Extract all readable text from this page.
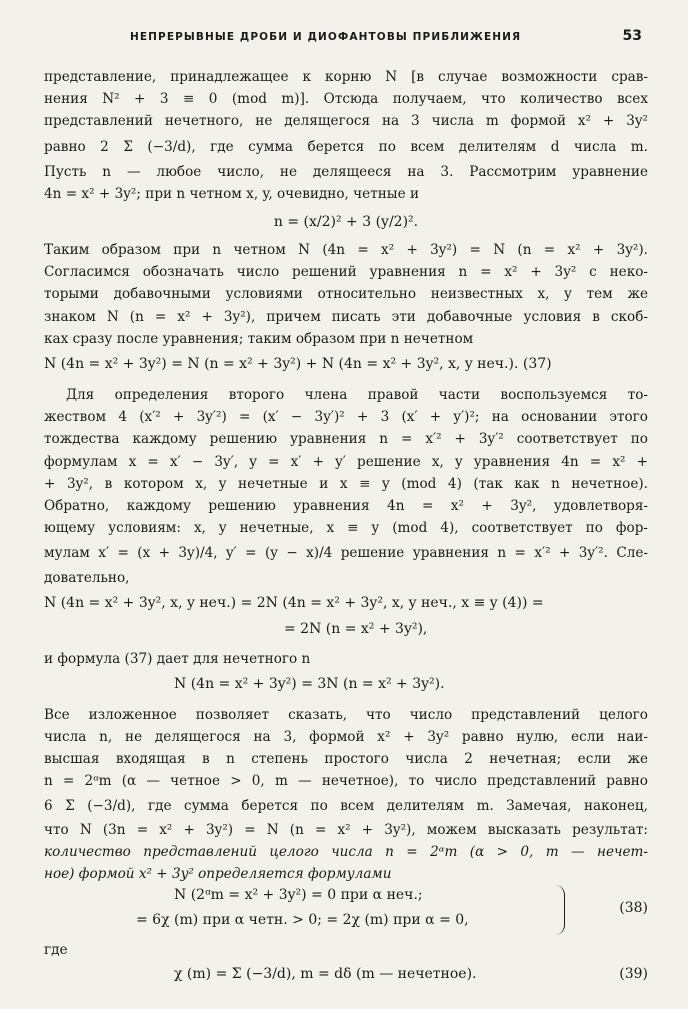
НЕПРЕРЫВНЫЕ ДРОБИ И ДИОФАНТОВЫ ПРИБЛИЖЕНИЯ	53

представление, принадлежащее к корню N [в случае возможности срав-

нения N² + 3 ≡ 0 (mod m)]. Отсюда получаем, что количество всех

представлений нечетного, не делящегося на 3 числа m формой x² + 3y²

равно 2 Σ (−3/d), где сумма берется по всем делителям d числа m.

Пусть n — любое число, не делящееся на 3. Рассмотрим уравнение

4n = x² + 3y²; при n четном x, y, очевидно, четные и

n = (x/2)² + 3 (y/2)².

Таким образом при n четном N (4n = x² + 3y²) = N (n = x² + 3y²).

Согласимся обозначать число решений уравнения n = x² + 3y² с неко-

торыми добавочными условиями относительно неизвестных x, y тем же

знаком N (n = x² + 3y²), причем писать эти добавочные условия в скоб-

ках сразу после уравнения; таким образом при n нечетном

N (4n = x² + 3y²) = N (n = x² + 3y²) + N (4n = x² + 3y², x, y неч.). (37)

Для определения второго члена правой части воспользуемся то-

жеством 4 (x′² + 3y′²) = (x′ − 3y′)² + 3 (x′ + y′)²; на основании этого

тождества каждому решению уравнения n = x′² + 3y′² соответствует по

формулам x = x′ − 3y′, y = x′ + y′ решение x, y уравнения 4n = x² +

+ 3y², в котором x, y нечетные и x ≡ y (mod 4) (так как n нечетное).

Обратно, каждому решению уравнения 4n = x² + 3y², удовлетворя-

ющему условиям: x, y нечетные, x ≡ y (mod 4), соответствует по фор-

мулам x′ = (x + 3y)/4, y′ = (y − x)/4 решение уравнения n = x′² + 3y′². Сле-

довательно,

N (4n = x² + 3y², x, y неч.) = 2N (4n = x² + 3y², x, y неч., x ≡ y (4)) =
= 2N (n = x² + 3y²),

и формула (37) дает для нечетного n

N (4n = x² + 3y²) = 3N (n = x² + 3y²).

Все изложенное позволяет сказать, что число представлений целого

числа n, не делящегося на 3, формой x² + 3y² равно нулю, если наи-

высшая входящая в n степень простого числа 2 нечетная; если же

n = 2ᵅm (α — четное > 0, m — нечетное), то число представлений равно

6 Σ (−3/d), где сумма берется по всем делителям m. Замечая, наконец,

что N (3n = x² + 3y²) = N (n = x² + 3y²), можем высказать результат:

количество представлений целого числа n = 2ᵅm (α > 0, m — нечет-

ное) формой x² + 3y² определяется формулами

N (2ᵅm = x² + 3y²) = 0 при α неч.;
= 6χ (m) при α четн. > 0; = 2χ (m) при α = 0,
(38)
где
χ (m) = Σ (−3/d), m = dδ (m — нечетное).	(39)
